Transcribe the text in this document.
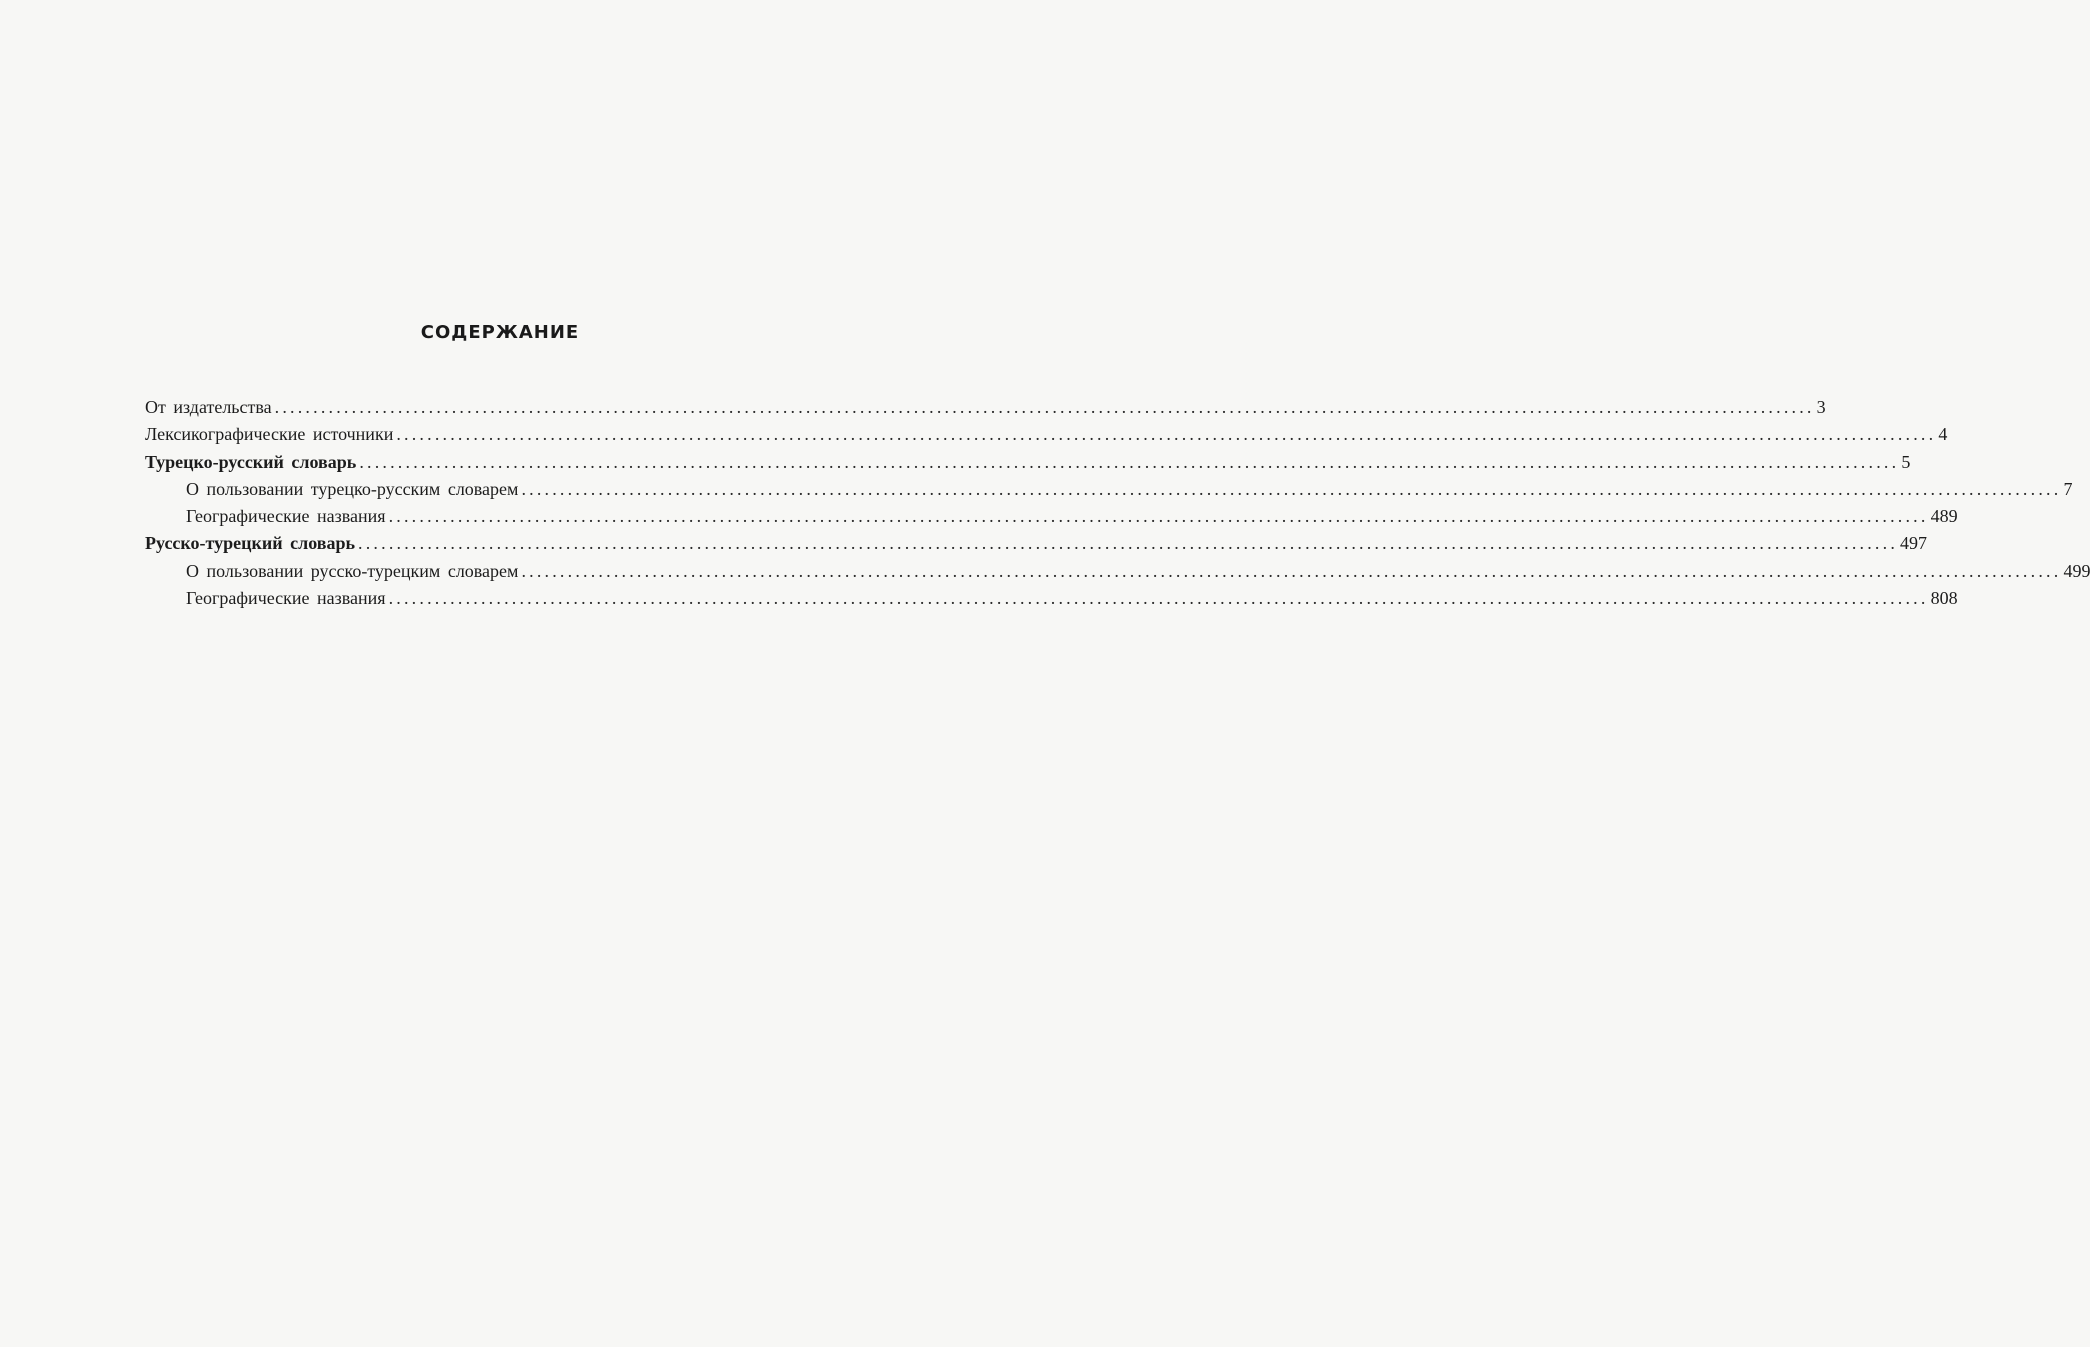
СОДЕРЖАНИЕ
От издательства ........................................................................................................................................................................................................ 3
Лексикографические источники ........................................................................................................................................................................................................ 4
Турецко-русский словарь ........................................................................................................................................................................................................ 5
О пользовании турецко-русским словарем ........................................................................................................................................................................................................ 7
Географические названия ........................................................................................................................................................................................................ 489
Русско-турецкий словарь ........................................................................................................................................................................................................ 497
О пользовании русско-турецким словарем ........................................................................................................................................................................................................ 499
Географические названия ........................................................................................................................................................................................................ 808
